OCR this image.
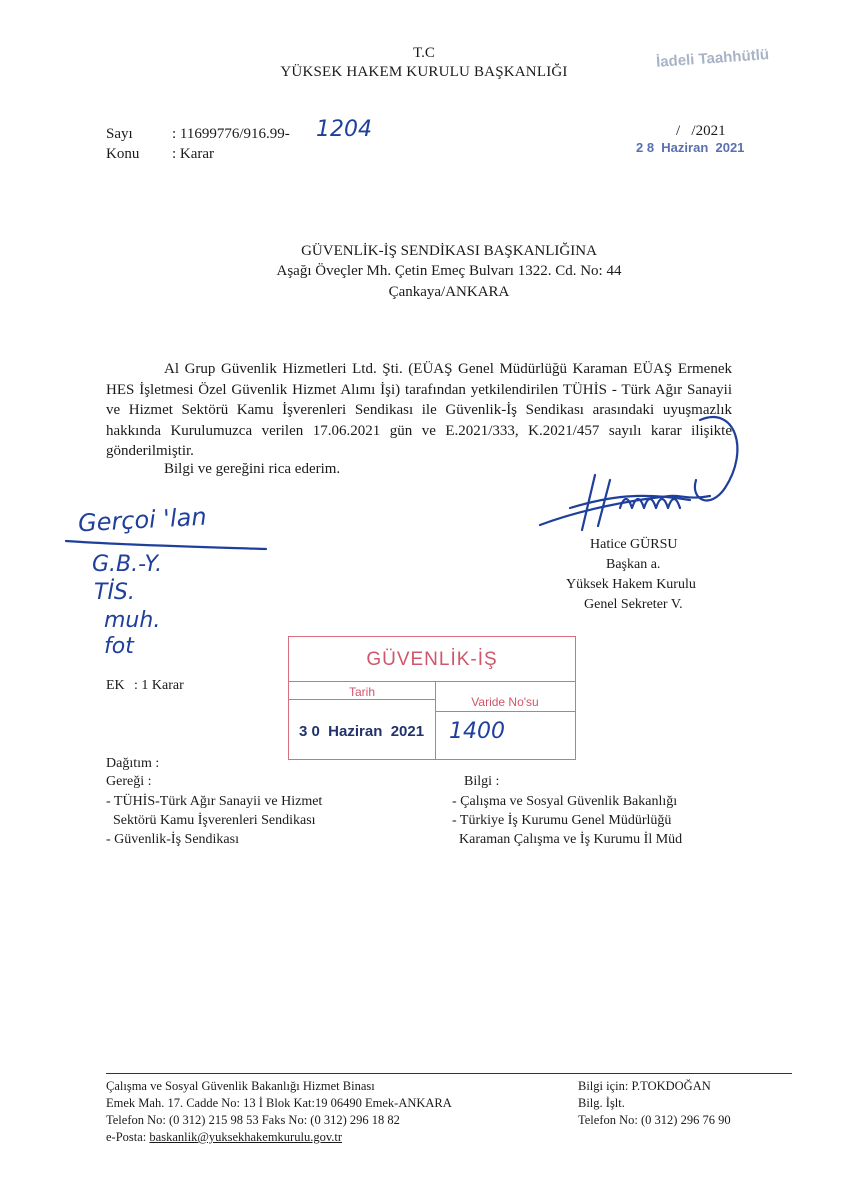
T.C
YÜKSEK HAKEM KURULU BAŞKANLIĞI
İadeli Taahhütlü
Sayı	: 11699776/916.99- 1204
Konu : Karar
/   /2021
2 8  Haziran  2021
GÜVENLİK-İŞ SENDİKASI BAŞKANLIĞINA
Aşağı Öveçler Mh. Çetin Emeç Bulvarı 1322. Cd. No: 44
Çankaya/ANKARA
Al Grup Güvenlik Hizmetleri Ltd. Şti. (EÜAŞ Genel Müdürlüğü Karaman EÜAŞ Ermenek HES İşletmesi Özel Güvenlik Hizmet Alımı İşi) tarafından yetkilendirilen TÜHİS - Türk Ağır Sanayii ve Hizmet Sektörü Kamu İşverenleri Sendikası ile Güvenlik-İş Sendikası arasındaki uyuşmazlık hakkında Kurulumuzca verilen 17.06.2021 gün ve E.2021/333, K.2021/457 sayılı karar ilişikte gönderilmiştir.
Bilgi ve gereğini rica ederim.
Gerçoi 'lan
G.B.-Y.
TİS.
muh.
fot
Hatice GÜRSU
Başkan a.
Yüksek Hakem Kurulu
Genel Sekreter V.
EK : 1 Karar
GÜVENLİK-İŞ
Tarih
Varide No'su
3 0  Haziran  2021 1400
Dağıtım :
Gereği :
- TÜHİS-Türk Ağır Sanayii ve Hizmet
Sektörü Kamu İşverenleri Sendikası
- Güvenlik-İş Sendikası
Bilgi :
- Çalışma ve Sosyal Güvenlik Bakanlığı
- Türkiye İş Kurumu Genel Müdürlüğü
Karaman Çalışma ve İş Kurumu İl Müd
Çalışma ve Sosyal Güvenlik Bakanlığı Hizmet Binası
Emek Mah. 17. Cadde No: 13 İ Blok Kat:19 06490 Emek-ANKARA
Telefon No: (0 312) 215 98 53 Faks No: (0 312) 296 18 82
e-Posta: baskanlik@yuksekhakemkurulu.gov.tr
Bilgi için: P.TOKDOĞAN
Bilg. İşlt.
Telefon No: (0 312) 296 76 90
